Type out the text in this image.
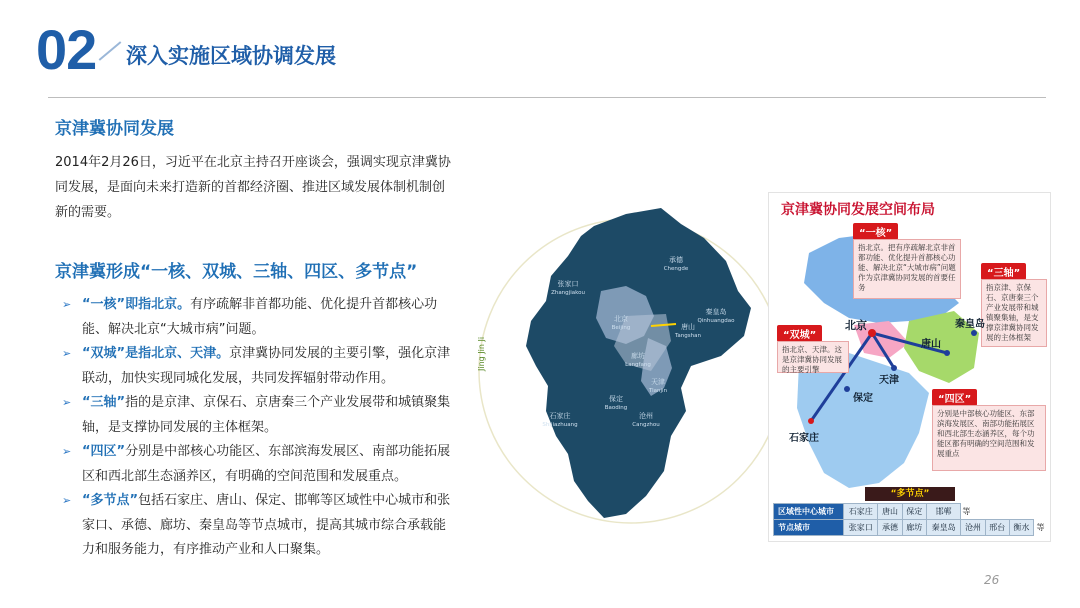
02 深入实施区域协调发展
京津冀协同发展

2014年2月26日，习近平在北京主持召开座谈会，强调实现京津冀协同发展，是面向未来打造新的首都经济圈、推进区域发展体制机制创新的需要。

京津冀形成“一核、双城、三轴、四区、多节点”
➢ “一核”即指北京。有序疏解非首都功能、优化提升首都核心功能、解决北京“大城市病”问题。
➢ “双城”是指北京、天津。京津冀协同发展的主要引擎，强化京津联动，加快实现同城化发展，共同发挥辐射带动作用。
➢ “三轴”指的是京津、京保石、京唐秦三个产业发展带和城镇聚集轴，是支撑协同发展的主体框架。
➢ “四区”分别是中部核心功能区、东部滨海发展区、南部功能拓展区和西北部生态涵养区，有明确的空间范围和发展重点。
➢ “多节点”包括石家庄、唐山、保定、邯郸等区域性中心城市和张家口、承德、廊坊、秦皇岛等节点城市，提高其城市综合承载能力和服务能力，有序推动产业和人口聚集。
张家口
Zhangjiakou
承德
Chengde
北京
Beijing
秦皇岛
Qinhuangdao
唐山
Tangshan
廊坊
Langfang
天津
Tianjin
保定
Baoding
石家庄
Shijiazhuang
沧州
Cangzhou
Jing Jin Ji
京津冀协同发展空间布局
“一核”
指北京。把有序疏解北京非首都功能、优化提升首都核心功能、解决北京“大城市病”问题作为京津冀协同发展的首要任务
“双城”
指北京、天津。这是京津冀协同发展的主要引擎
“三轴”
指京津、京保石、京唐秦三个产业发展带和城镇聚集轴，是支撑京津冀协同发展的主体框架
“四区”
分别是中部核心功能区、东部滨海发展区、南部功能拓展区和西北部生态涵养区，每个功能区都有明确的空间范围和发展重点
北京
天津
保定
石家庄
唐山
秦皇岛
“多节点”
区域性中心城市	石家庄	唐山	保定	邯郸	等			
节点城市	张家口	承德	廊坊	秦皇岛	沧州	邢台	衡水	等
26
